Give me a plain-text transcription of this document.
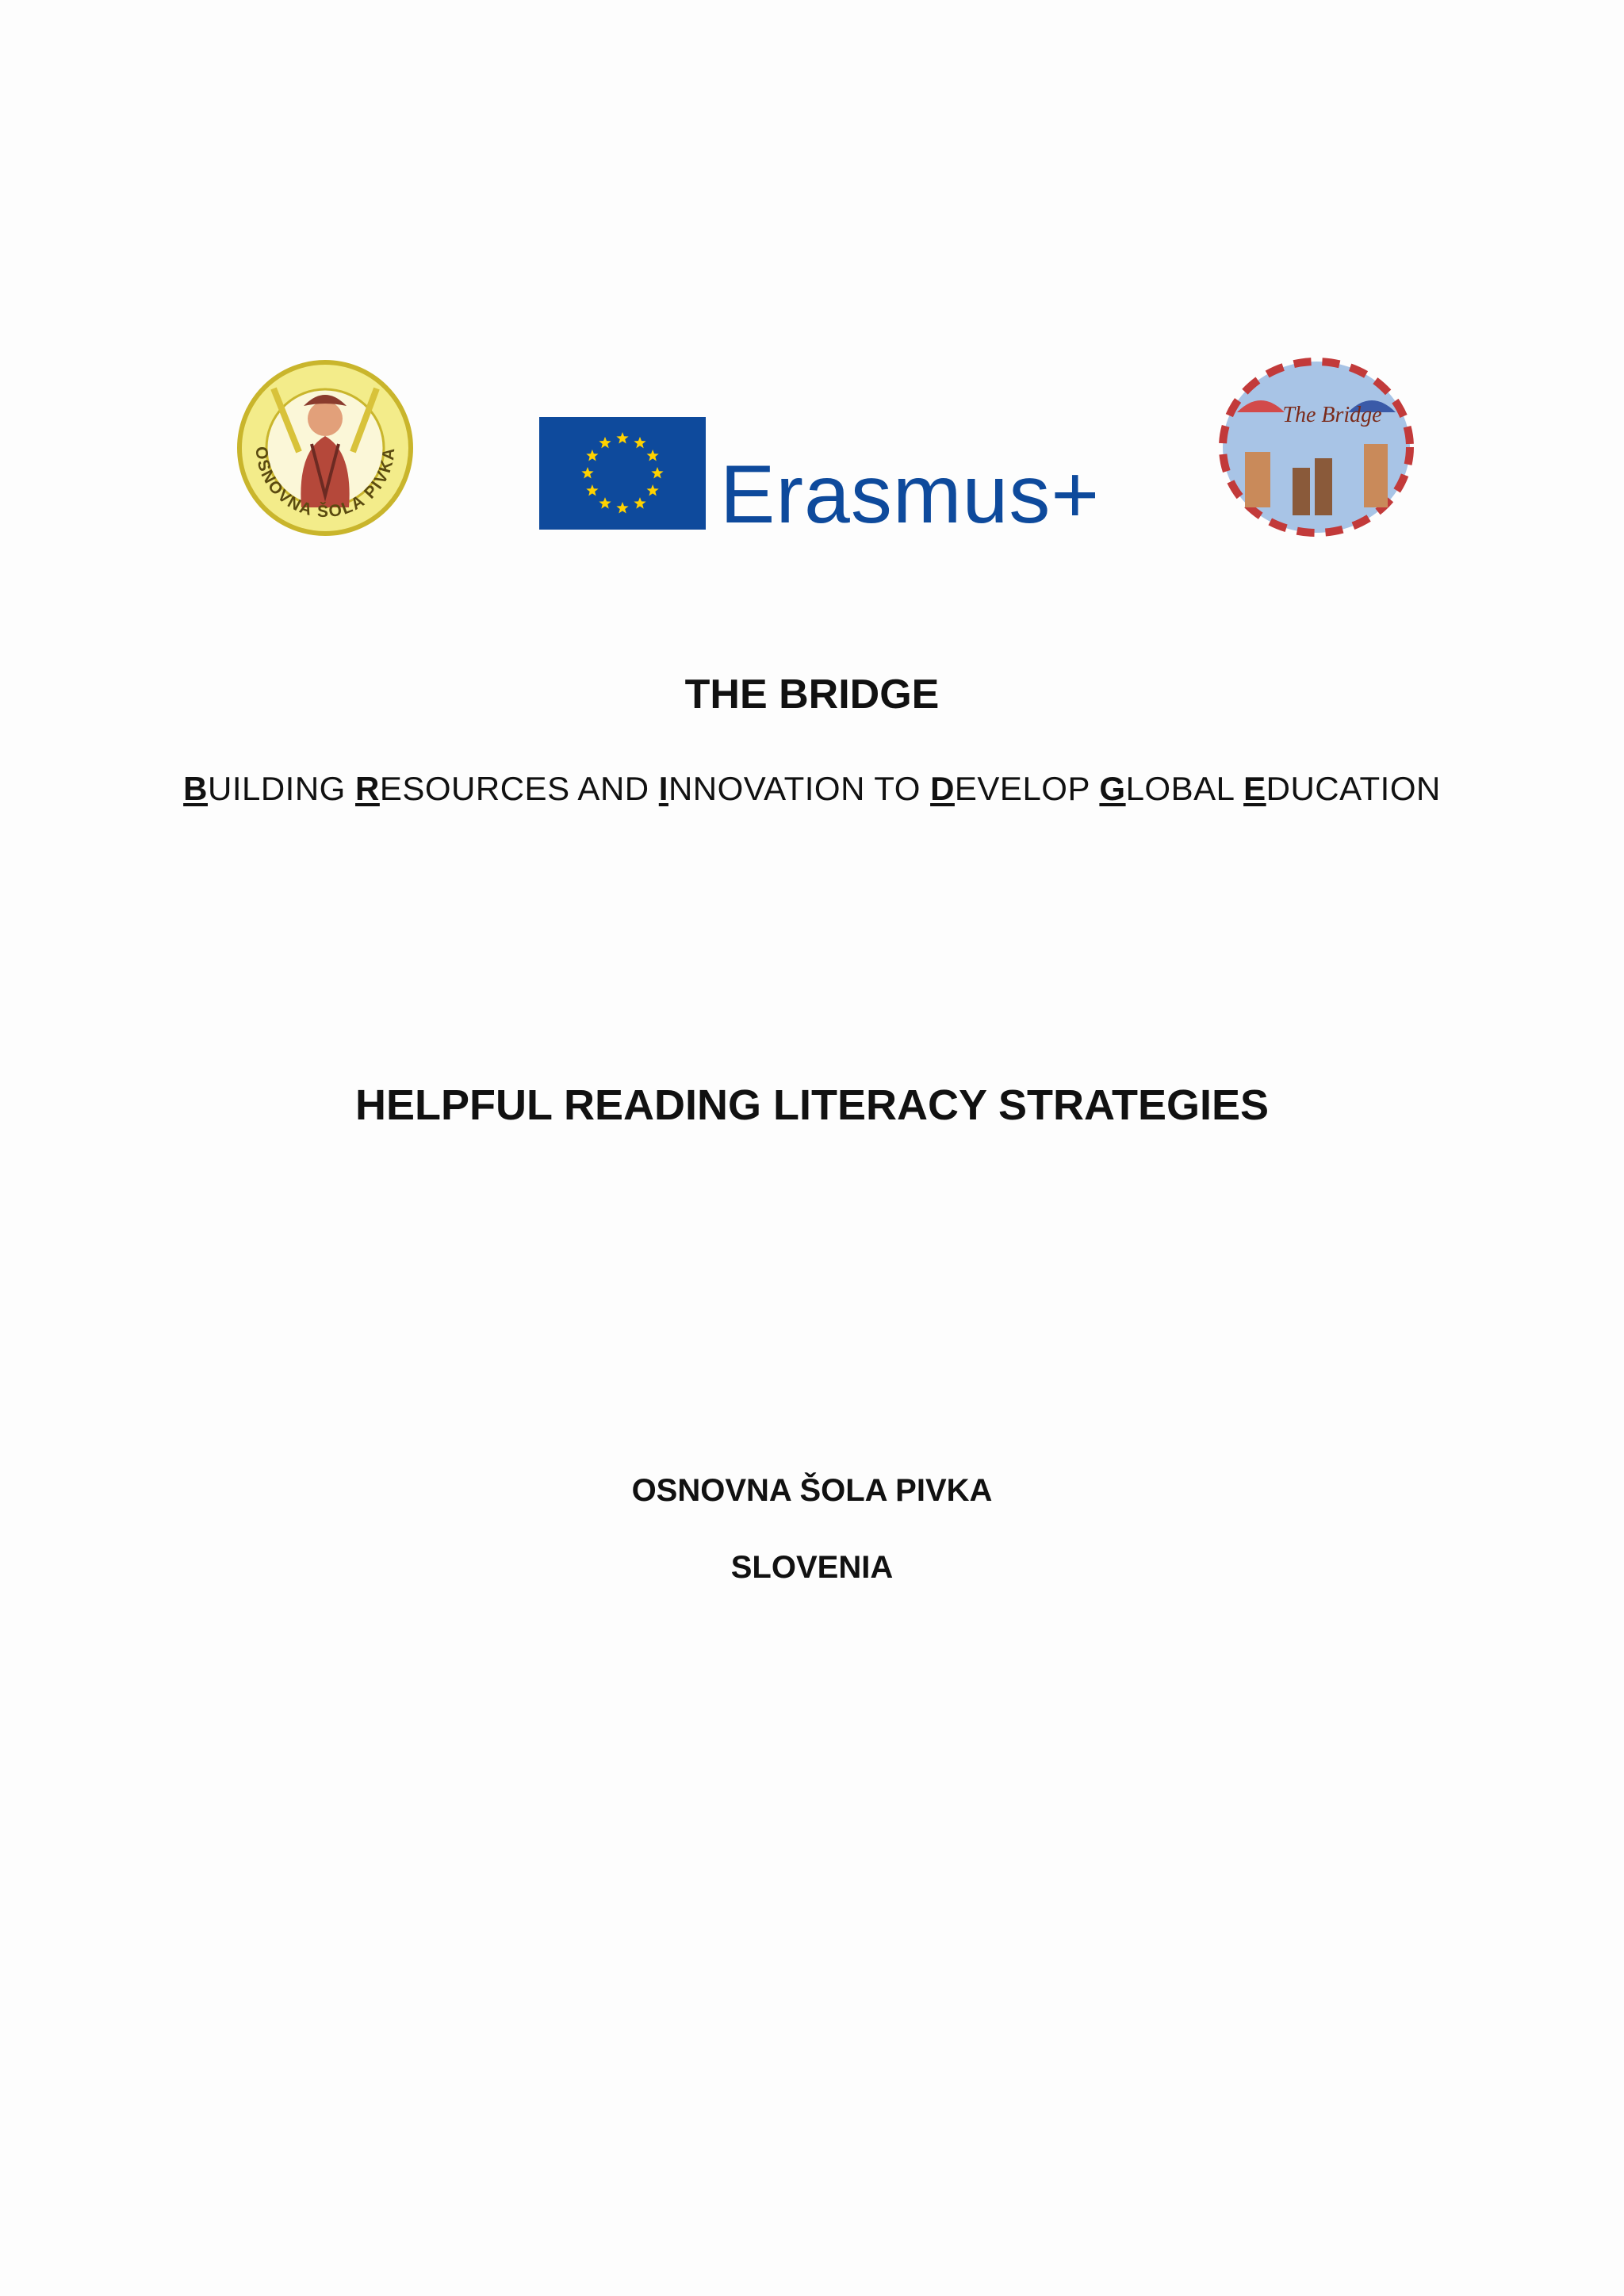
OSNOVNA ŠOLA PIVKA	Erasmus+
The Bridge
THE BRIDGE
BUILDING RESOURCES AND INNOVATION TO DEVELOP GLOBAL EDUCATION
HELPFUL READING LITERACY STRATEGIES
OSNOVNA ŠOLA PIVKA
SLOVENIA
